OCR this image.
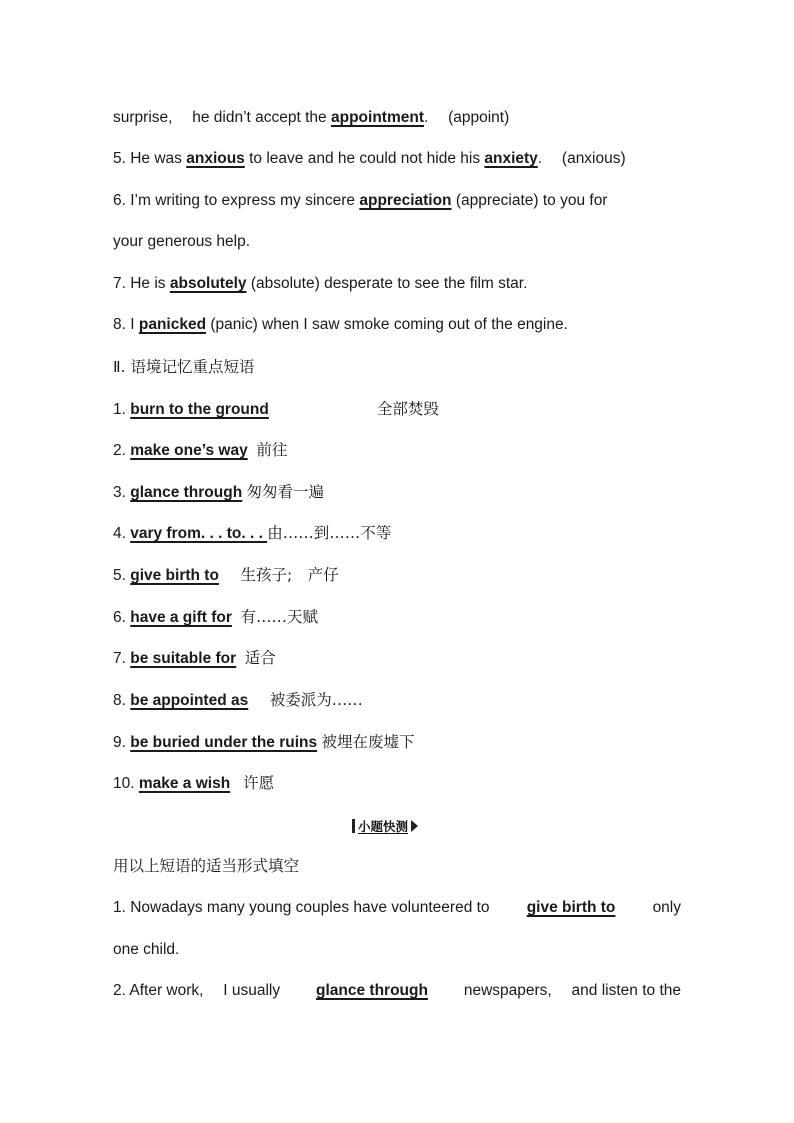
surprise,  he didn’t accept the appointment.  (appoint)
5. He was anxious to leave and he could not hide his anxiety.  (anxious)
6. I’m writing to express my sincere appreciation (appreciate) to you for
your generous help.
7. He is absolutely (absolute) desperate to see the film star.
8. I panicked (panic) when I saw smoke coming out of the engine.
Ⅱ. 语境记忆重点短语
1. burn to the ground	全部焚毁
2. make one’s way 前往
3. glance through 匆匆看一遍
4. vary from. . . to. . . 由……到……不等
5. give birth to 生孩子; 产仔
6. have a gift for 有……天赋
7. be suitable for 适合
8. be appointed as 被委派为……
9. be buried under the ruins 被埋在废墟下
10. make a wish 许愿
小题快测
用以上短语的适当形式填空
1. Nowadays many young couples have volunteered to give birth to only
one child.
2. After work,  I usually glance through newspapers,  and listen to the
